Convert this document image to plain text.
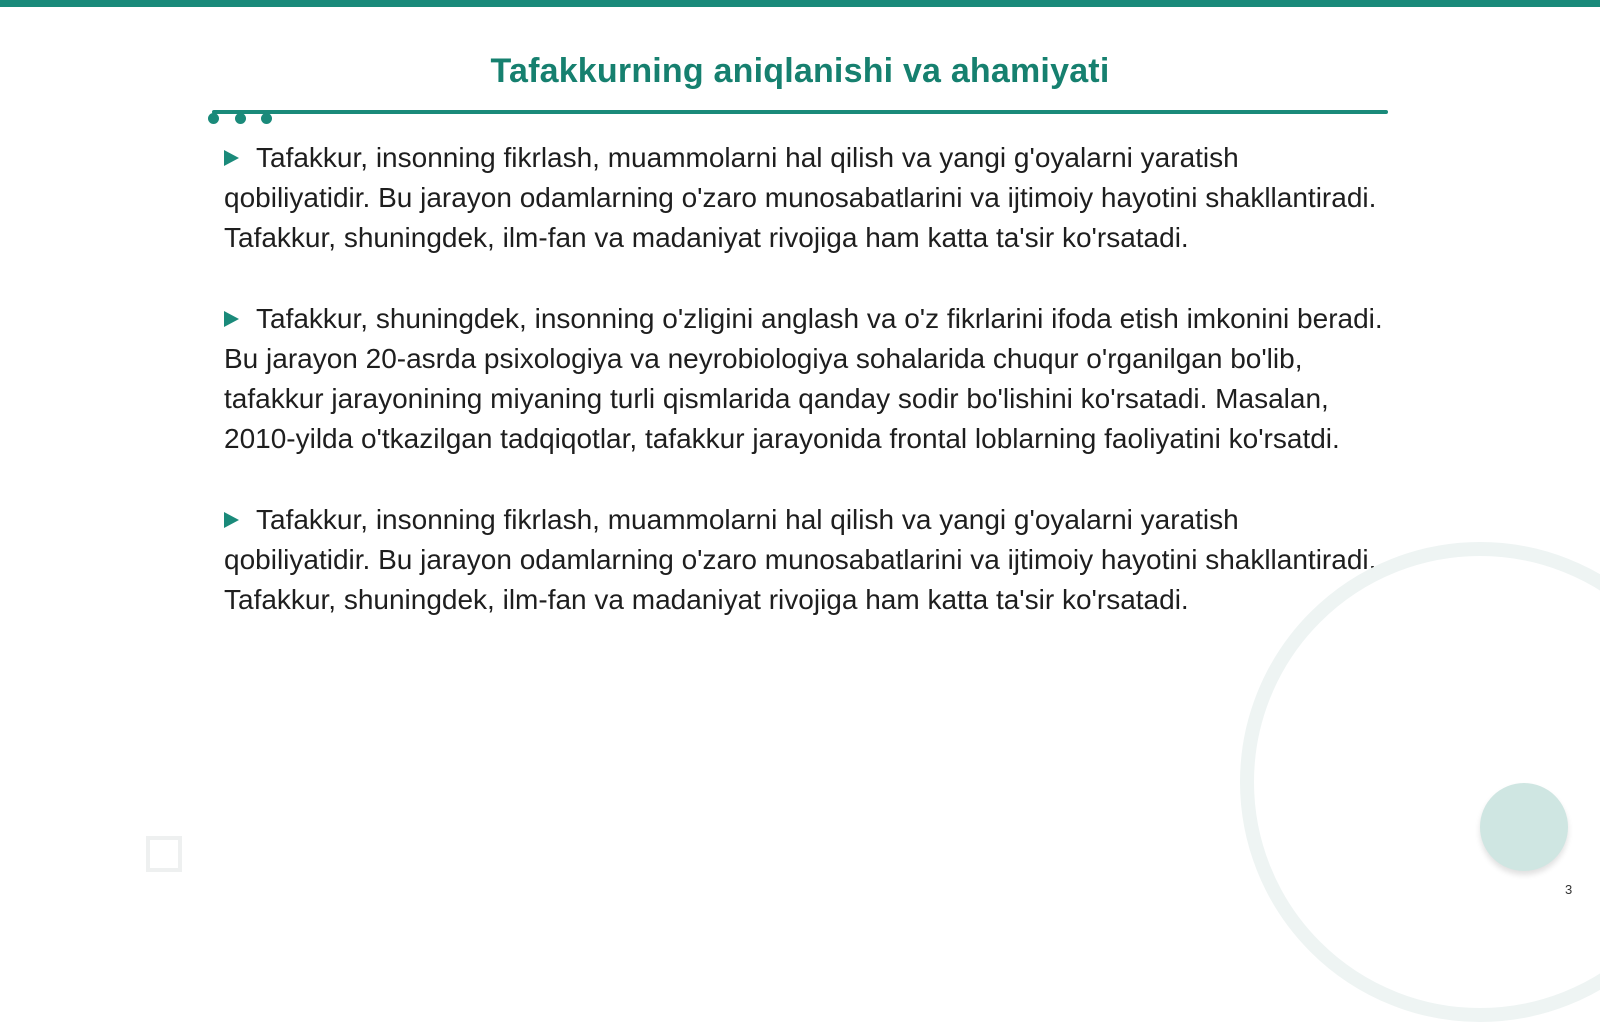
Tafakkurning aniqlanishi va ahamiyati

Tafakkur, insonning fikrlash, muammolarni hal qilish va yangi g'oyalarni yaratish qobiliyatidir. Bu jarayon odamlarning o'zaro munosabatlarini va ijtimoiy hayotini shakllantiradi. Tafakkur, shuningdek, ilm-fan va madaniyat rivojiga ham katta ta'sir ko'rsatadi.

Tafakkur, shuningdek, insonning o'zligini anglash va o'z fikrlarini ifoda etish imkonini beradi. Bu jarayon 20-asrda psixologiya va neyrobiologiya sohalarida chuqur o'rganilgan bo'lib, tafakkur jarayonining miyaning turli qismlarida qanday sodir bo'lishini ko'rsatadi. Masalan, 2010-yilda o'tkazilgan tadqiqotlar, tafakkur jarayonida frontal loblarning faoliyatini ko'rsatdi.

Tafakkur, insonning fikrlash, muammolarni hal qilish va yangi g'oyalarni yaratish qobiliyatidir. Bu jarayon odamlarning o'zaro munosabatlarini va ijtimoiy hayotini shakllantiradi. Tafakkur, shuningdek, ilm-fan va madaniyat rivojiga ham katta ta'sir ko'rsatadi.

3
